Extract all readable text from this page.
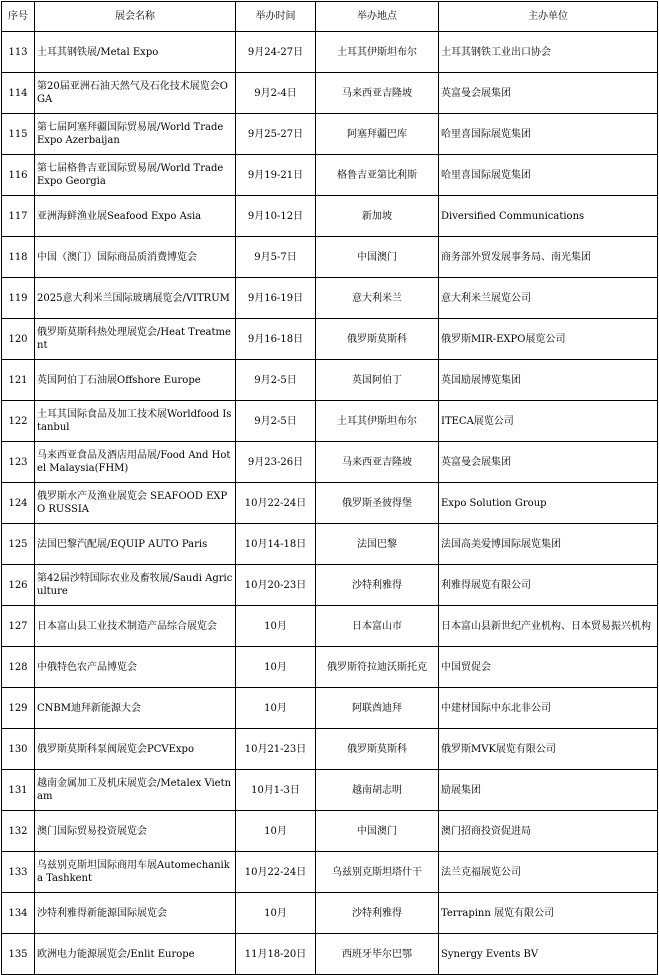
序号	展会名称	举办时间	举办地点	主办单位
113	土耳其钢铁展/Metal Expo	9月24-27日	土耳其伊斯坦布尔	土耳其钢铁工业出口协会
114	第20届亚洲石油天然气及石化技术展览会OGA	9月2-4日	马来西亚吉隆坡	英富曼会展集团
115	第七届阿塞拜疆国际贸易展/World Trade Expo Azerbaijan	9月25-27日	阿塞拜疆巴库	哈里喜国际展览集团
116	第七届格鲁吉亚国际贸易展/World Trade Expo Georgia	9月19-21日	格鲁吉亚第比利斯	哈里喜国际展览集团
117	亚洲海鲜渔业展Seafood Expo Asia	9月10-12日	新加坡	Diversified Communications
118	中国（澳门）国际商品质消费博览会	9月5-7日	中国澳门	商务部外贸发展事务局、南光集团
119	2025意大利米兰国际玻璃展览会/VITRUM	9月16-19日	意大利米兰	意大利米兰展览公司
120	俄罗斯莫斯科热处理展览会/Heat Treatment	9月16-18日	俄罗斯莫斯科	俄罗斯MIR-EXPO展览公司
121	英国阿伯丁石油展Offshore Europe	9月2-5日	英国阿伯丁	英国励展博览集团
122	土耳其国际食品及加工技术展Worldfood Istanbul	9月2-5日	土耳其伊斯坦布尔	ITECA展览公司
123	马来西亚食品及酒店用品展/Food And Hotel Malaysia(FHM)	9月23-26日	马来西亚吉隆坡	英富曼会展集团
124	俄罗斯水产及渔业展览会 SEAFOOD EXPO RUSSIA	10月22-24日	俄罗斯圣彼得堡	Expo Solution Group
125	法国巴黎汽配展/EQUIP AUTO Paris	10月14-18日	法国巴黎	法国高美爱博国际展览集团
126	第42届沙特国际农业及畜牧展/Saudi Agriculture	10月20-23日	沙特利雅得	利雅得展览有限公司
127	日本富山县工业技术制造产品综合展览会	10月	日本富山市	日本富山县新世纪产业机构、日本贸易振兴机构
128	中俄特色农产品博览会	10月	俄罗斯符拉迪沃斯托克	中国贸促会
129	CNBM迪拜新能源大会	10月	阿联酋迪拜	中建材国际中东北非公司
130	俄罗斯莫斯科泵阀展览会PCVExpo	10月21-23日	俄罗斯莫斯科	俄罗斯MVK展览有限公司
131	越南金属加工及机床展览会/Metalex Vietnam	10月1-3日	越南胡志明	励展集团
132	澳门国际贸易投资展览会	10月	中国澳门	澳门招商投资促进局
133	乌兹别克斯坦国际商用车展Automechanika Tashkent	10月22-24日	乌兹别克斯坦塔什干	法兰克福展览公司
134	沙特利雅得新能源国际展览会	10月	沙特利雅得	Terrapinn 展览有限公司
135	欧洲电力能源展览会/Enlit Europe	11月18-20日	西班牙毕尔巴鄂	Synergy Events BV
